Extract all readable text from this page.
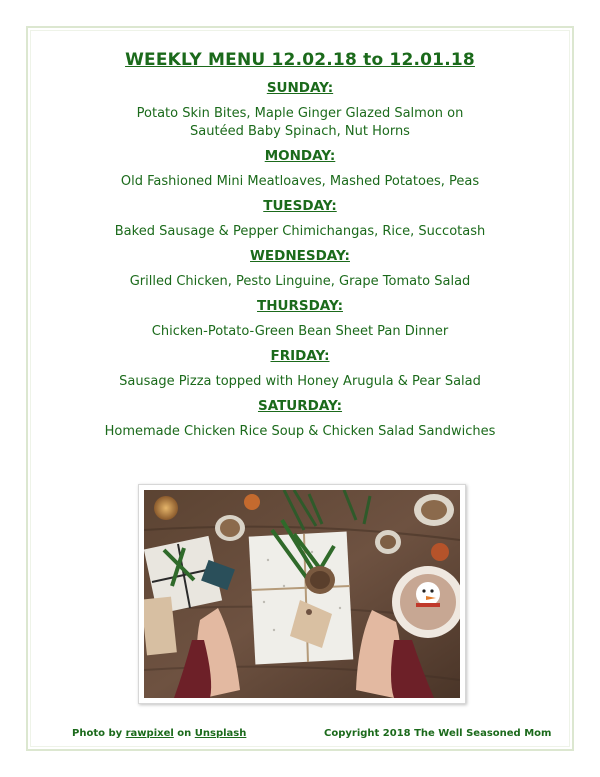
WEEKLY MENU 12.02.18 to 12.01.18
SUNDAY:
Potato Skin Bites, Maple Ginger Glazed Salmon on
Sautéed Baby Spinach, Nut Horns
MONDAY:
Old Fashioned Mini Meatloaves, Mashed Potatoes, Peas
TUESDAY:
Baked Sausage & Pepper Chimichangas, Rice, Succotash
WEDNESDAY:
Grilled Chicken, Pesto Linguine, Grape Tomato Salad
THURSDAY:
Chicken-Potato-Green Bean Sheet Pan Dinner
FRIDAY:
Sausage Pizza topped with Honey Arugula & Pear Salad
SATURDAY:
Homemade Chicken Rice Soup & Chicken Salad Sandwiches
Photo by rawpixel on Unsplash	Copyright 2018 The Well Seasoned Mom
